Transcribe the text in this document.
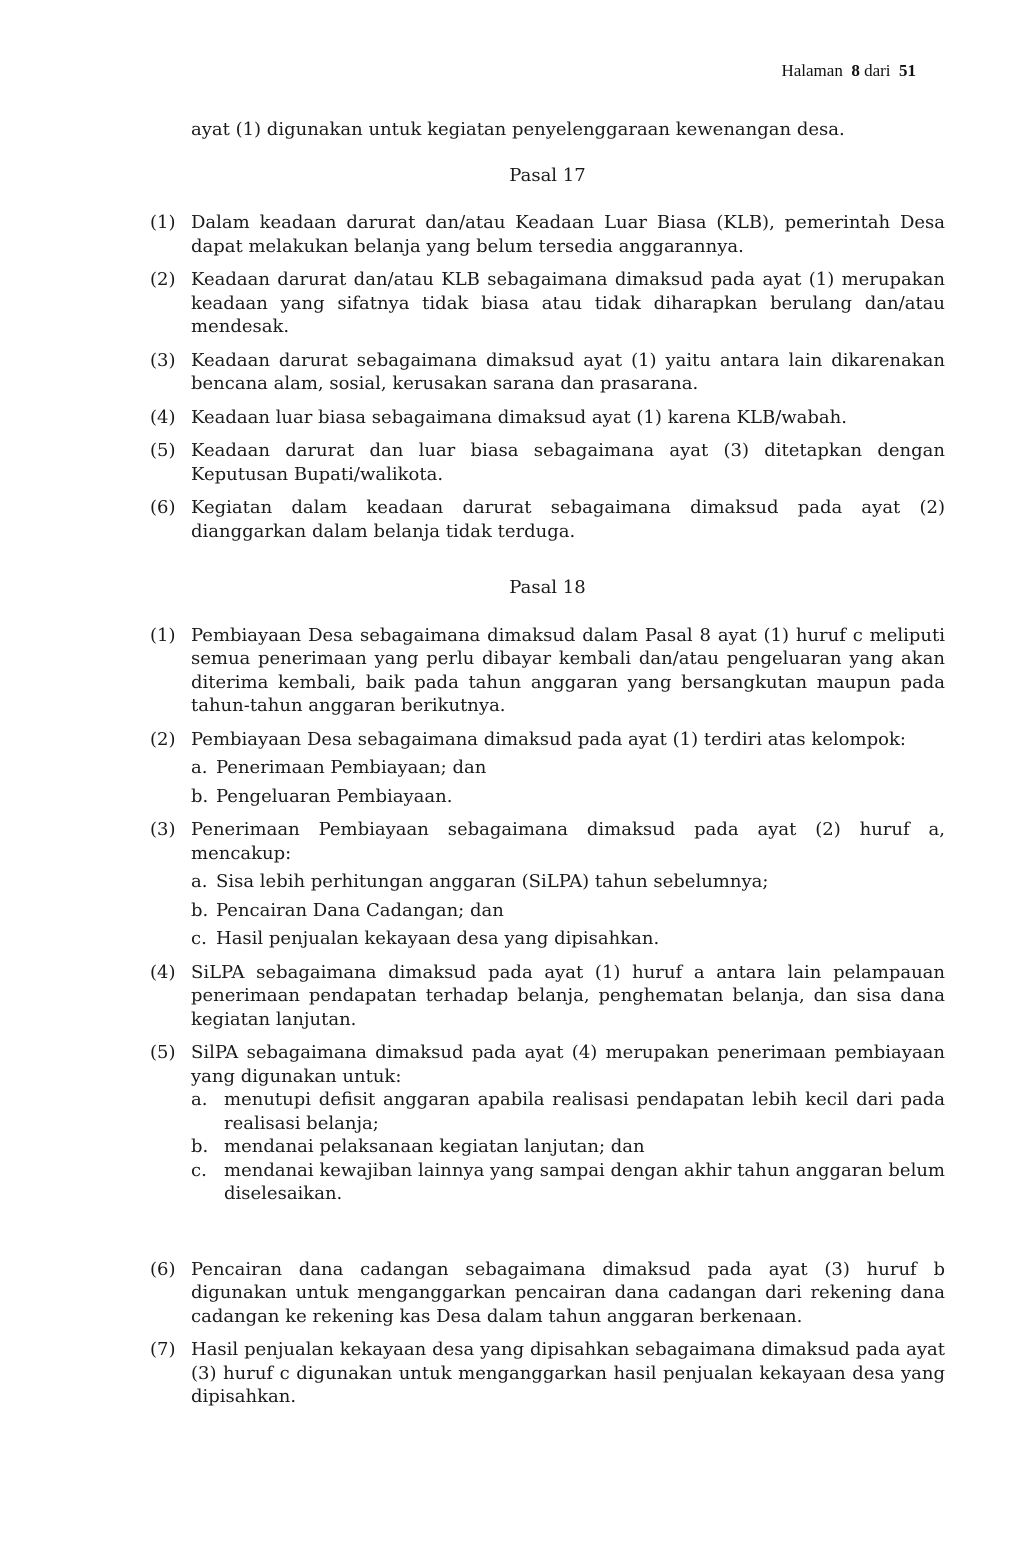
Halaman 8 dari 51
ayat (1) digunakan untuk kegiatan penyelenggaraan kewenangan desa.
Pasal 17
(1) Dalam keadaan darurat dan/atau Keadaan Luar Biasa (KLB), pemerintah Desa dapat melakukan belanja yang belum tersedia anggarannya.
(2) Keadaan darurat dan/atau KLB sebagaimana dimaksud pada ayat (1) merupakan keadaan yang sifatnya tidak biasa atau tidak diharapkan berulang dan/atau mendesak.
(3) Keadaan darurat sebagaimana dimaksud ayat (1) yaitu antara lain dikarenakan bencana alam, sosial, kerusakan sarana dan prasarana.
(4) Keadaan luar biasa sebagaimana dimaksud ayat (1) karena KLB/wabah.
(5) Keadaan darurat dan luar biasa sebagaimana ayat (3) ditetapkan dengan Keputusan Bupati/walikota.
(6) Kegiatan dalam keadaan darurat sebagaimana dimaksud pada ayat (2) dianggarkan dalam belanja tidak terduga.
Pasal 18
(1) Pembiayaan Desa sebagaimana dimaksud dalam Pasal 8 ayat (1) huruf c meliputi semua penerimaan yang perlu dibayar kembali dan/atau pengeluaran yang akan diterima kembali, baik pada tahun anggaran yang bersangkutan maupun pada tahun-tahun anggaran berikutnya.
(2) Pembiayaan Desa sebagaimana dimaksud pada ayat (1) terdiri atas kelompok:
a. Penerimaan Pembiayaan; dan
b. Pengeluaran Pembiayaan.
(3) Penerimaan Pembiayaan sebagaimana dimaksud pada ayat (2) huruf a, mencakup:
a. Sisa lebih perhitungan anggaran (SiLPA) tahun sebelumnya;
b. Pencairan Dana Cadangan; dan
c. Hasil penjualan kekayaan desa yang dipisahkan.
(4) SiLPA sebagaimana dimaksud pada ayat (1) huruf a antara lain pelampauan penerimaan pendapatan terhadap belanja, penghematan belanja, dan sisa dana kegiatan lanjutan.
(5) SilPA sebagaimana dimaksud pada ayat (4) merupakan penerimaan pembiayaan yang digunakan untuk:
a. menutupi defisit anggaran apabila realisasi pendapatan lebih kecil dari pada realisasi belanja;
b. mendanai pelaksanaan kegiatan lanjutan; dan
c. mendanai kewajiban lainnya yang sampai dengan akhir tahun anggaran belum diselesaikan.
(6) Pencairan dana cadangan sebagaimana dimaksud pada ayat (3) huruf b digunakan untuk menganggarkan pencairan dana cadangan dari rekening dana cadangan ke rekening kas Desa dalam tahun anggaran berkenaan.
(7) Hasil penjualan kekayaan desa yang dipisahkan sebagaimana dimaksud pada ayat (3) huruf c digunakan untuk menganggarkan hasil penjualan kekayaan desa yang dipisahkan.
